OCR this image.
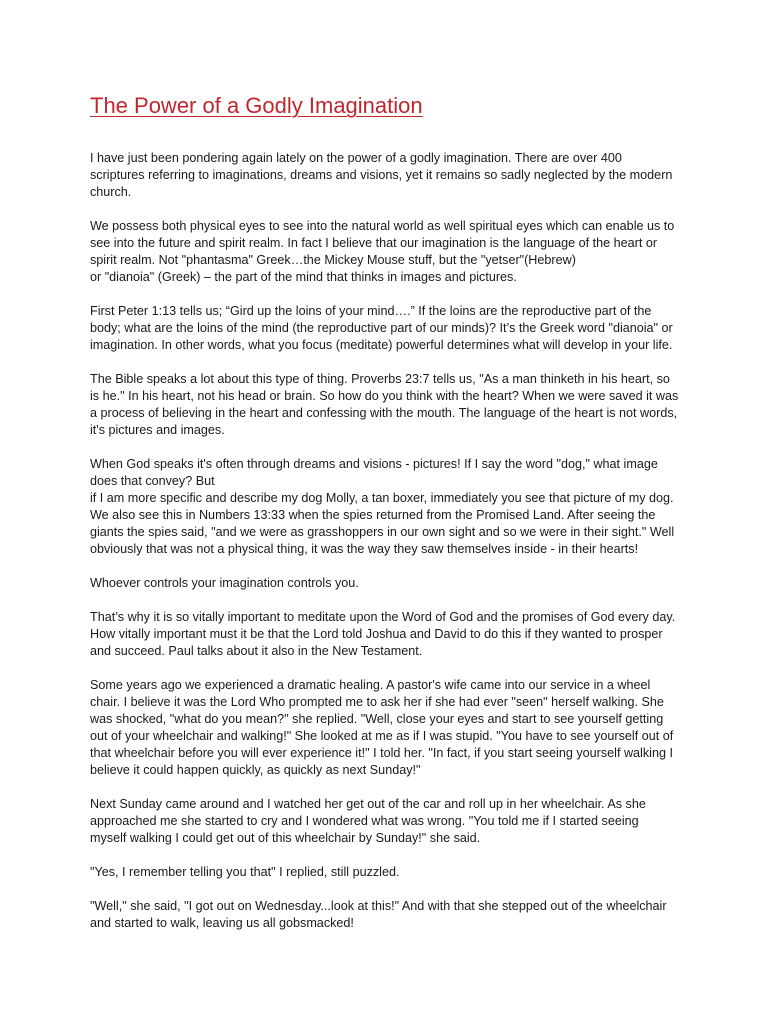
The Power of a Godly Imagination

I have just been pondering again lately on the power of a godly imagination. There are over 400
scriptures referring to imaginations, dreams and visions, yet it remains so sadly neglected by the modern
church.

We possess both physical eyes to see into the natural world as well spiritual eyes which can enable us to
see into the future and spirit realm. In fact I believe that our imagination is the language of the heart or
spirit realm. Not "phantasma" Greek…the Mickey Mouse stuff, but the "yetser"(Hebrew)
or "dianoia" (Greek) – the part of the mind that thinks in images and pictures.

First Peter 1:13 tells us; “Gird up the loins of your mind….” If the loins are the reproductive part of the
body; what are the loins of the mind (the reproductive part of our minds)? It’s the Greek word "dianoia" or
imagination. In other words, what you focus (meditate) powerful determines what will develop in your life.

The Bible speaks a lot about this type of thing. Proverbs 23:7 tells us, "As a man thinketh in his heart, so
is he." In his heart, not his head or brain. So how do you think with the heart? When we were saved it was
a process of believing in the heart and confessing with the mouth. The language of the heart is not words,
it's pictures and images.

When God speaks it's often through dreams and visions - pictures! If I say the word "dog," what image
does that convey? But
if I am more specific and describe my dog Molly, a tan boxer, immediately you see that picture of my dog.
We also see this in Numbers 13:33 when the spies returned from the Promised Land. After seeing the
giants the spies said, "and we were as grasshoppers in our own sight and so we were in their sight." Well
obviously that was not a physical thing, it was the way they saw themselves inside - in their hearts!

Whoever controls your imagination controls you.

That’s why it is so vitally important to meditate upon the Word of God and the promises of God every day.
How vitally important must it be that the Lord told Joshua and David to do this if they wanted to prosper
and succeed. Paul talks about it also in the New Testament.

Some years ago we experienced a dramatic healing. A pastor's wife came into our service in a wheel
chair. I believe it was the Lord Who prompted me to ask her if she had ever "seen" herself walking. She
was shocked, "what do you mean?" she replied. "Well, close your eyes and start to see yourself getting
out of your wheelchair and walking!" She looked at me as if I was stupid. "You have to see yourself out of
that wheelchair before you will ever experience it!" I told her. "In fact, if you start seeing yourself walking I
believe it could happen quickly, as quickly as next Sunday!"

Next Sunday came around and I watched her get out of the car and roll up in her wheelchair. As she
approached me she started to cry and I wondered what was wrong. "You told me if I started seeing
myself walking I could get out of this wheelchair by Sunday!" she said.

"Yes, I remember telling you that" I replied, still puzzled.

"Well," she said, "I got out on Wednesday...look at this!" And with that she stepped out of the wheelchair
and started to walk, leaving us all gobsmacked!
